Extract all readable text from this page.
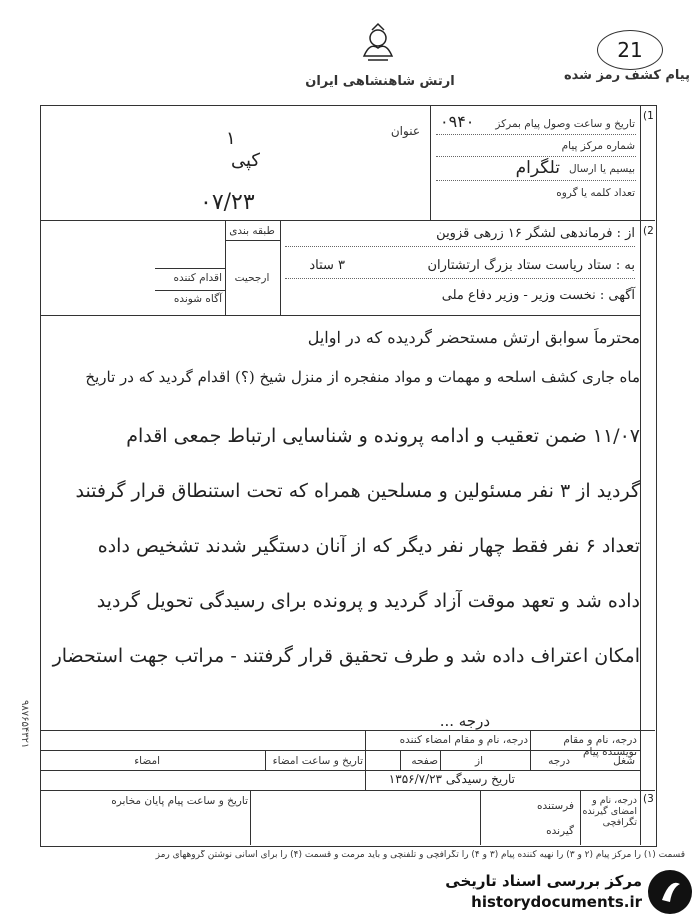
21
ارتش شاهنشاهی ایران	پیام کشف رمز شده
(1
عنوان	تاریخ و ساعت وصول پیام بمرکز
۰۹۴۰
شماره مرکز پیام
بیسیم یا ارسال
تلگرام
تعداد کلمه یا گروه
۱
کپی
۰۷/۲۳
(2
طبقه بندی
ارجحیت
اقدام کننده
آگاه شونده
از : فرماندهی لشگر ۱۶ زرهی قزوین
به : ستاد ریاست ستاد بزرگ ارتشتاران
۳ ستاد
آگهی : نخست وزیر - وزیر دفاع ملی
محترماً سوابق ارتش مستحضر گردیده که در اوایل
ماه جاری کشف اسلحه و مهمات و مواد منفجره از منزل شیخ (؟) اقدام گردید که در تاریخ
۱۱/۰۷ ضمن تعقیب و ادامه پرونده و شناسایی ارتباط جمعی اقدام
گردید از ۳ نفر مسئولین و مسلحین همراه که تحت استنطاق قرار گرفتند
تعداد ۶ نفر فقط چهار نفر دیگر که از آنان دستگیر شدند تشخیص داده
داده شد و تعهد موقت آزاد گردید و پرونده برای رسیدگی تحویل گردید
امکان اعتراف داده شد و طرف تحقیق قرار گرفتند - مراتب جهت استحضار
درجه ...
درجه، نام و مقام نویسنده پیام
درجه، نام و مقام امضاء کننده
شغل
درجه
از
صفحه
تاریخ و ساعت امضاء
امضاء
تاریخ رسیدگی ۱۳۵۶/۷/۲۳
(3
درجه، نام و امضای گیرنده تگرافچی
فرستنده
گیرنده
تاریخ و ساعت پیام پایان مخابره
۹۸۷۶۵۴۳۲۱
قسمت (۱) را مرکز پیام (۲ و ۳) را نهیه کننده پیام (۳ و ۴) را تگرافچی و تلفنچی و باید مرمت و قسمت (۴) را برای آسانی نوشتن گروههای رمز
مرکز بررسی اسناد تاریخی
historydocuments.ir
